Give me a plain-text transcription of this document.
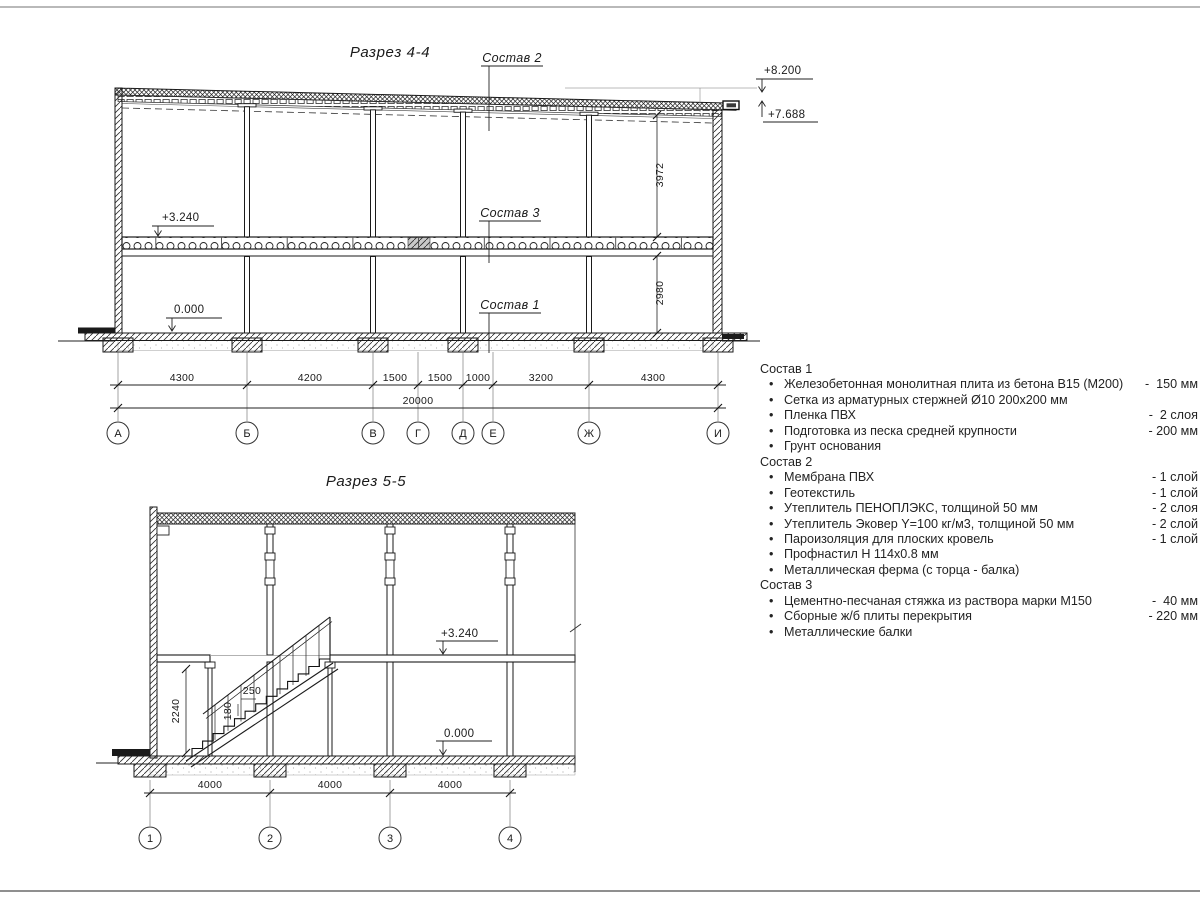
Разрез 4-4	Состав 2
Состав 3
Состав 1
+3.240
0.000
+8.200
+7.688
3972
2980
4300	4200	1500 1500 1000	3200	4300
20000
А	Б	В	Г	Д Е	Ж	И
Разрез 5-5
2240
250
180
+3.240
0.000
4000	4000	4000
1	2	3	4
Состав 1
• Железобетонная монолитная плита из бетона В15 (М200)	-  150 мм
• Сетка из арматурных стержней Ø10 200х200 мм
• Пленка ПВХ	-  2 слоя
• Подготовка из песка средней крупности	- 200 мм
• Грунт основания
Состав 2
• Мембрана ПВХ	- 1 слой
• Геотекстиль	- 1 слой
• Утеплитель ПЕНОПЛЭКС, толщиной 50 мм	- 2 слоя
• Утеплитель Эковер Y=100 кг/м3, толщиной 50 мм	- 2 слой
• Пароизоляция для плоских кровель	- 1 слой
• Профнастил Н 114х0.8 мм
• Металлическая ферма (с торца - балка)
Состав 3
• Цементно-песчаная стяжка из раствора марки М150	-  40 мм
• Сборные ж/б плиты перекрытия	- 220 мм
• Металлические балки
